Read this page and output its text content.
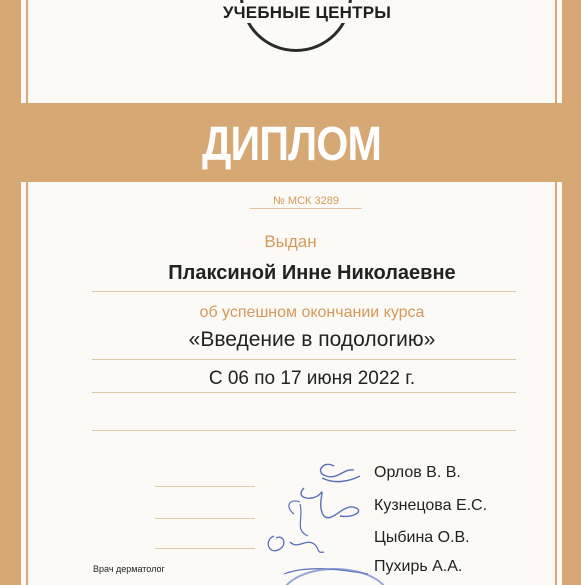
УЧЕБНЫЕ ЦЕНТРЫ
ДИПЛОМ
№ МСК 3289
Выдан
Плаксиной Инне Николаевне
об успешном окончании курса
«Введение в подологию»
С 06 по 17 июня 2022 г.
Орлов В. В.
Кузнецова Е.С.
Цыбина О.В.
Пухирь А.А.
Врач дерматолог
